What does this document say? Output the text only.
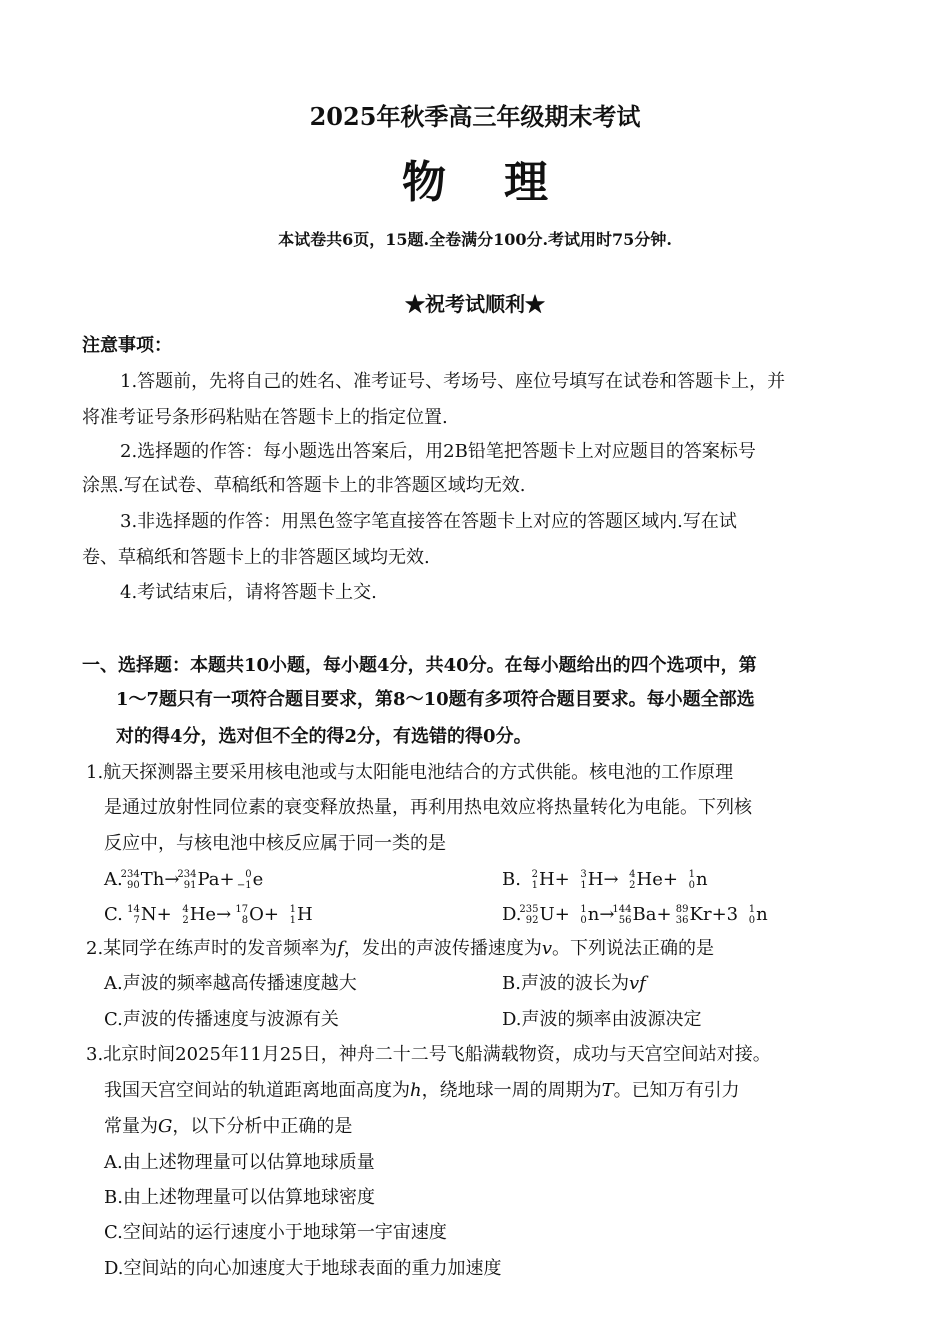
2025年秋季高三年级期末考试
物理
本试卷共6页，15题.全卷满分100分.考试用时75分钟.
★祝考试顺利★
注意事项：
1.答题前，先将自己的姓名、准考证号、考场号、座位号填写在试卷和答题卡上，并
将准考证号条形码粘贴在答题卡上的指定位置.
2.选择题的作答：每小题选出答案后，用2B铅笔把答题卡上对应题目的答案标号
涂黑.写在试卷、草稿纸和答题卡上的非答题区域均无效.
3.非选择题的作答：用黑色签字笔直接答在答题卡上对应的答题区域内.写在试
卷、草稿纸和答题卡上的非答题区域均无效.
4.考试结束后，请将答题卡上交.
一、选择题：本题共10小题，每小题4分，共40分。在每小题给出的四个选项中，第
1～7题只有一项符合题目要求，第8～10题有多项符合题目要求。每小题全部选
对的得4分，选对但不全的得2分，有选错的得0分。
1.航天探测器主要采用核电池或与太阳能电池结合的方式供能。核电池的工作原理
是通过放射性同位素的衰变释放热量，再利用热电效应将热量转化为电能。下列核
反应中，与核电池中核反应属于同一类的是
A.
234
90 Th→
234
91 Pa+ 0
−1 e	B. 2
1 H+ 3
1 H→ 4
2 He+ 1
0 n
C. 14
7 N+ 4
2 He→ 17
8 O+ 1
1 H	D.
235
92 U+ 1
0 n→
144
56 Ba+ 89
36 Kr+3 1
0 n
2.某同学在练声时的发音频率为f，发出的声波传播速度为v。下列说法正确的是
A.声波的频率越高传播速度越大	B.声波的波长为vf
C.声波的传播速度与波源有关	D.声波的频率由波源决定
3.北京时间2025年11月25日，神舟二十二号飞船满载物资，成功与天宫空间站对接。
我国天宫空间站的轨道距离地面高度为h，绕地球一周的周期为T。已知万有引力
常量为G，以下分析中正确的是
A.由上述物理量可以估算地球质量
B.由上述物理量可以估算地球密度
C.空间站的运行速度小于地球第一宇宙速度
D.空间站的向心加速度大于地球表面的重力加速度
